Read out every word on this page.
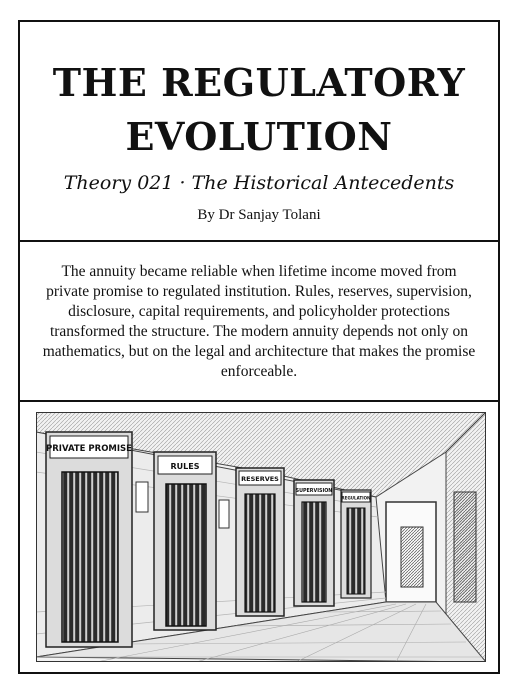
THE REGULATORY
EVOLUTION
Theory 021 · The Historical Antecedents
By Dr Sanjay Tolani
The annuity became reliable when lifetime income moved from private promise to regulated institution. Rules, reserves, supervision, disclosure, capital requirements, and policyholder protections transformed the structure. The modern annuity depends not only on mathematics, but on the legal and architecture that makes the promise enforceable.
PRIVATE PROMISE
RULES
RESERVES
SUPERVISION
REGULATION
